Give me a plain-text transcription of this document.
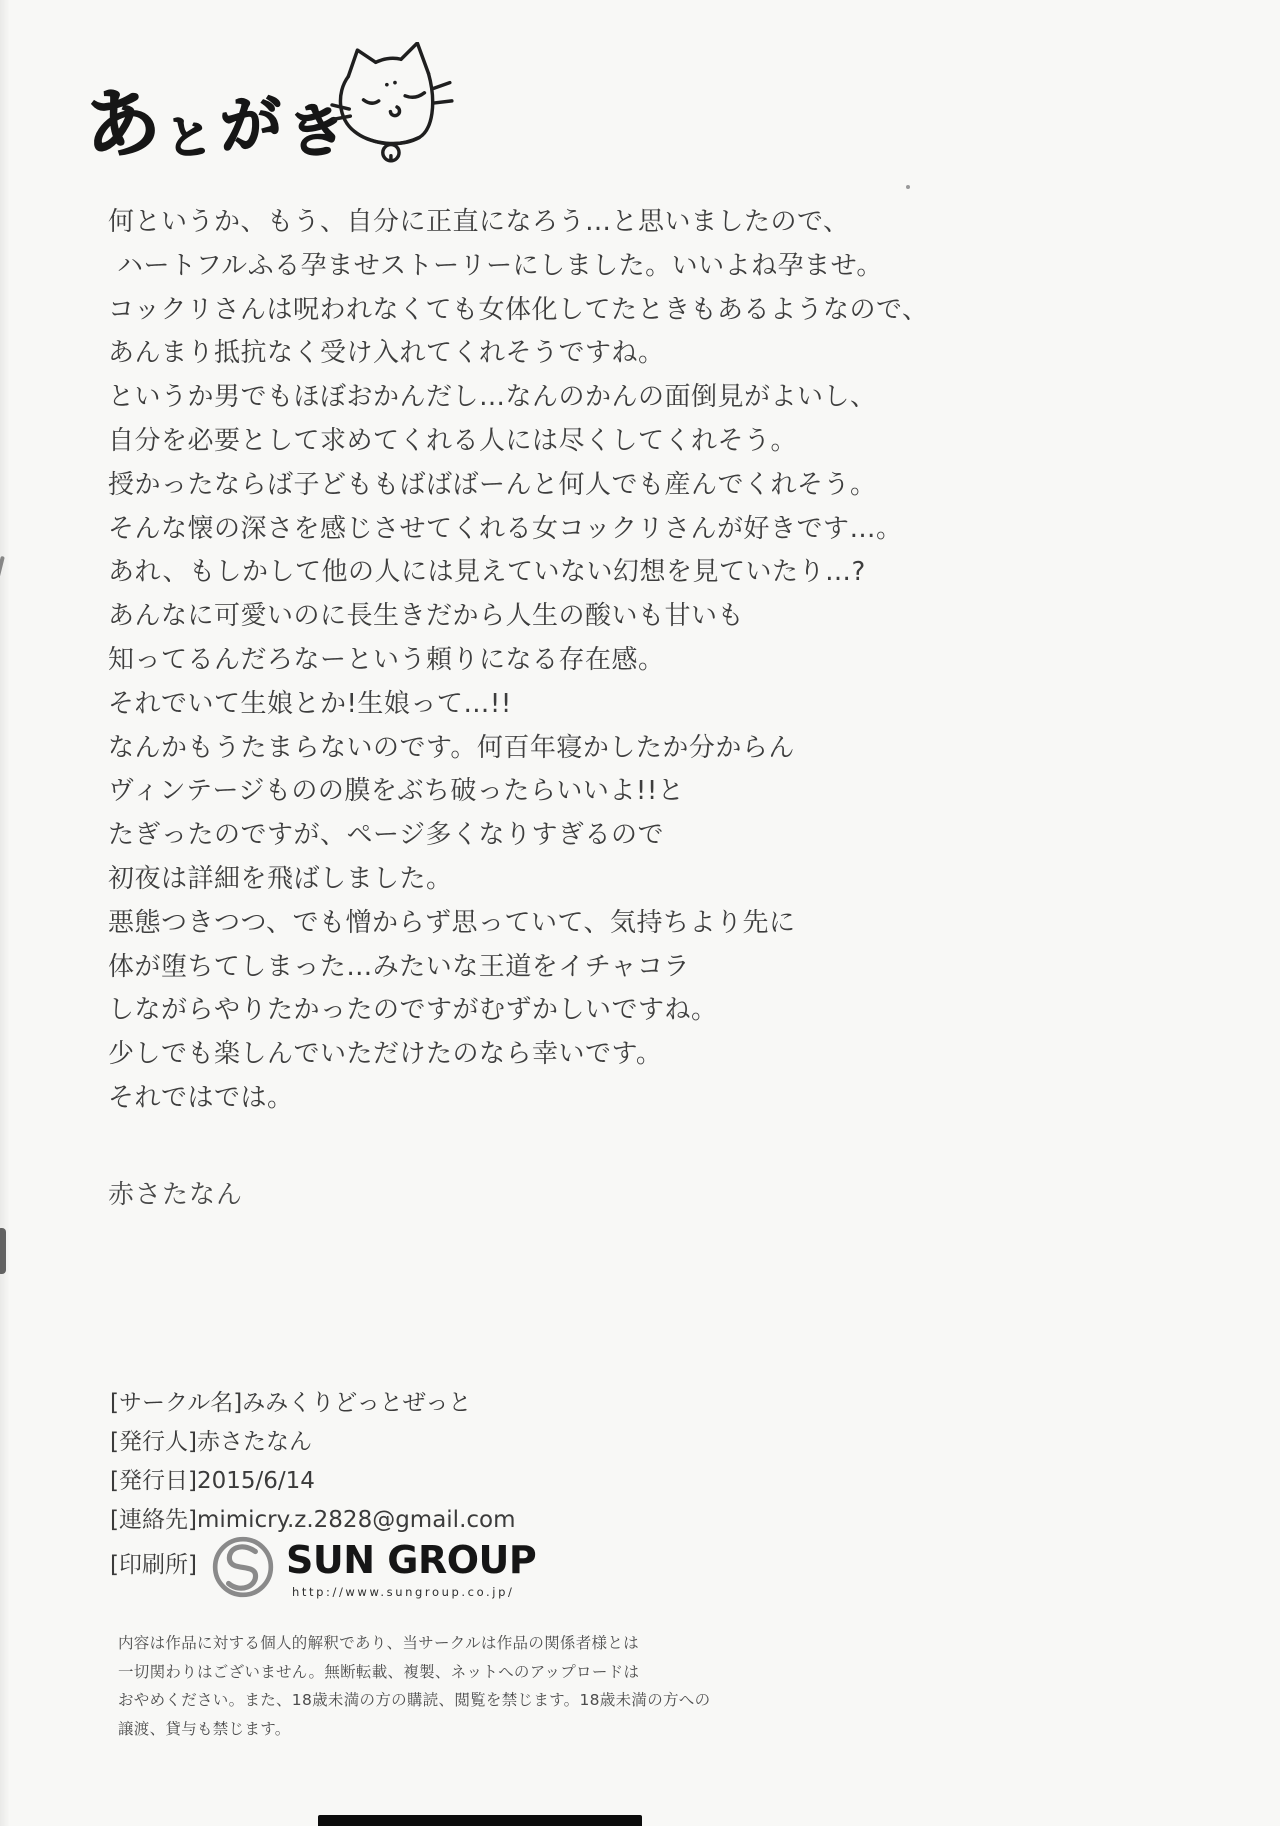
あ と が き
何というか、もう、自分に正直になろう…と思いましたので、
ハートフルふる孕ませストーリーにしました。いいよね孕ませ。
コックリさんは呪われなくても女体化してたときもあるようなので、
あんまり抵抗なく受け入れてくれそうですね。
というか男でもほぼおかんだし…なんのかんの面倒見がよいし、
自分を必要として求めてくれる人には尽くしてくれそう。
授かったならば子どももばばばーんと何人でも産んでくれそう。
そんな懐の深さを感じさせてくれる女コックリさんが好きです…。
あれ、もしかして他の人には見えていない幻想を見ていたり…?
あんなに可愛いのに長生きだから人生の酸いも甘いも
知ってるんだろなーという頼りになる存在感。
それでいて生娘とか!生娘って…!!
なんかもうたまらないのです。何百年寝かしたか分からん
ヴィンテージものの膜をぶち破ったらいいよ!!と
たぎったのですが、ページ多くなりすぎるので
初夜は詳細を飛ばしました。
悪態つきつつ、でも憎からず思っていて、気持ちより先に
体が堕ちてしまった…みたいな王道をイチャコラ
しながらやりたかったのですがむずかしいですね。
少しでも楽しんでいただけたのなら幸いです。
それではでは。
赤さたなん
[サークル名]みみくりどっとぜっと
[発行人]赤さたなん
[発行日]2015/6/14
[連絡先]mimicry.z.2828@gmail.com
[印刷所] SUN GROUP
http://www.sungroup.co.jp/
内容は作品に対する個人的解釈であり、当サークルは作品の関係者様とは
一切関わりはございません。無断転載、複製、ネットへのアップロードは
おやめください。また、18歳未満の方の購読、閲覧を禁じます。18歳未満の方への
譲渡、貸与も禁じます。
